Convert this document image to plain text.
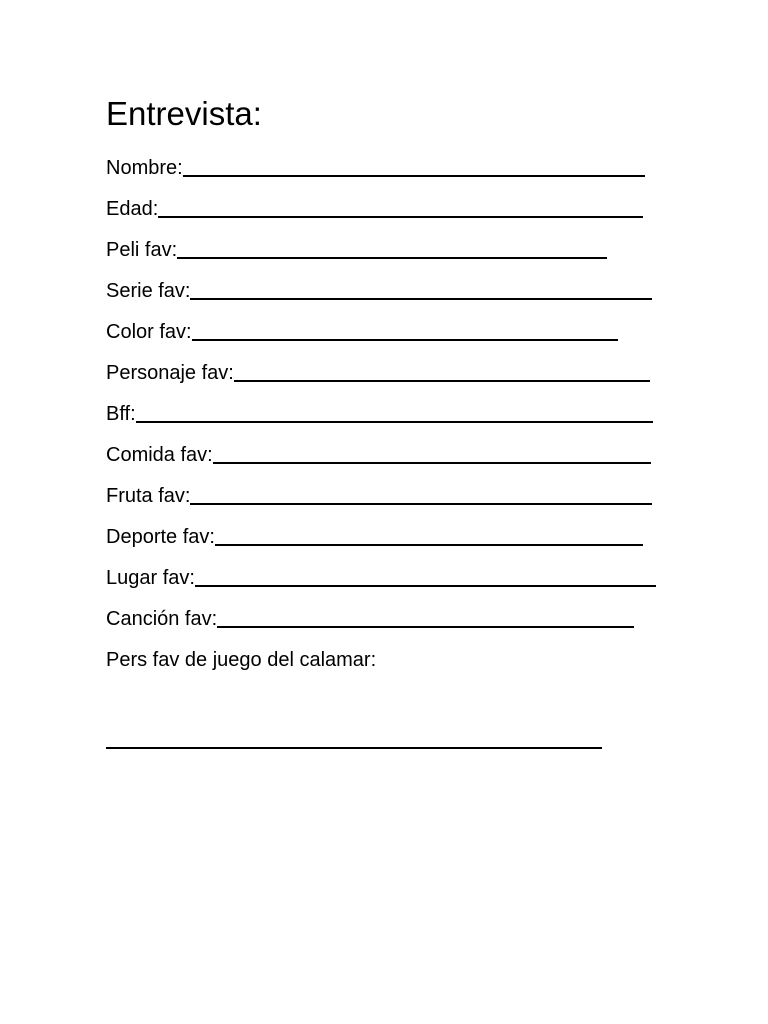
Entrevista:
Nombre:
Edad:
Peli fav:
Serie fav:
Color fav:
Personaje fav:
Bff:
Comida fav:
Fruta fav:
Deporte fav:
Lugar fav:
Canción fav:
Pers fav de juego del calamar:
